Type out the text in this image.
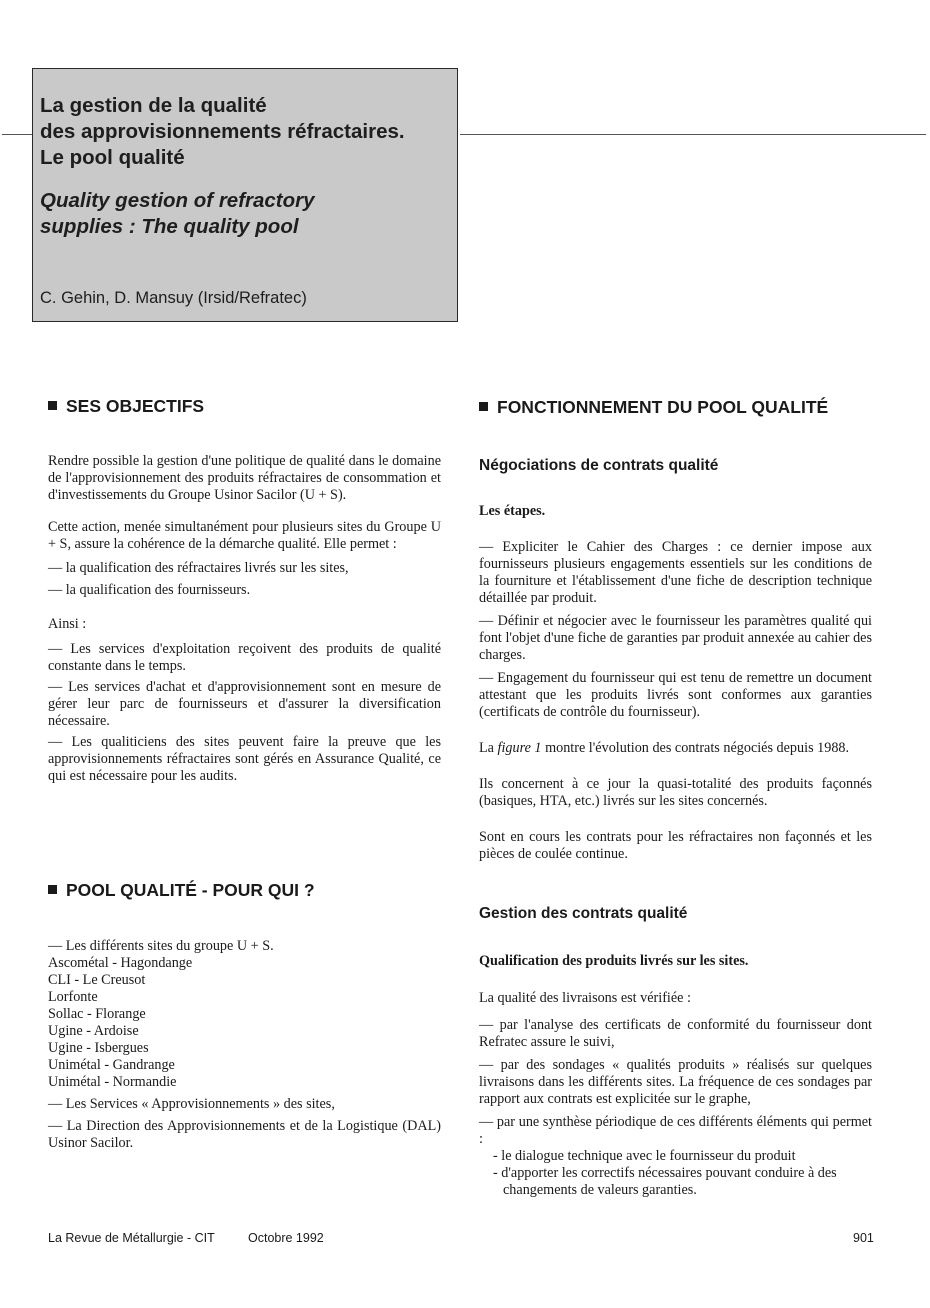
La gestion de la qualité
des approvisionnements réfractaires.
Le pool qualité
Quality gestion of refractory
supplies : The quality pool

C. Gehin, D. Mansuy (Irsid/Refratec)

SES OBJECTIFS

Rendre possible la gestion d'une politique de qualité dans le domaine de l'approvisionnement des produits réfractaires de consommation et d'investissements du Groupe Usinor Sacilor (U + S).

Cette action, menée simultanément pour plusieurs sites du Groupe U + S, assure la cohérence de la démarche qualité. Elle permet :

— la qualification des réfractaires livrés sur les sites,

— la qualification des fournisseurs.

Ainsi :

— Les services d'exploitation reçoivent des produits de qualité constante dans le temps.

— Les services d'achat et d'approvisionnement sont en mesure de gérer leur parc de fournisseurs et d'assurer la diversification nécessaire.

— Les qualiticiens des sites peuvent faire la preuve que les approvisionnements réfractaires sont gérés en Assurance Qualité, ce qui est nécessaire pour les audits.

POOL QUALITÉ - POUR QUI ?

— Les différents sites du groupe U + S.

Ascométal - Hagondange

CLI - Le Creusot

Lorfonte

Sollac - Florange

Ugine - Ardoise

Ugine - Isbergues

Unimétal - Gandrange

Unimétal - Normandie

— Les Services « Approvisionnements » des sites,

— La Direction des Approvisionnements et de la Logistique (DAL) Usinor Sacilor.

FONCTIONNEMENT DU POOL QUALITÉ
Négociations de contrats qualité

Les étapes.

— Expliciter le Cahier des Charges : ce dernier impose aux fournisseurs plusieurs engagements essentiels sur les conditions de la fourniture et l'établissement d'une fiche de description technique détaillée par produit.

— Définir et négocier avec le fournisseur les paramètres qualité qui font l'objet d'une fiche de garanties par produit annexée au cahier des charges.

— Engagement du fournisseur qui est tenu de remettre un document attestant que les produits livrés sont conformes aux garanties (certificats de contrôle du fournisseur).

La figure 1 montre l'évolution des contrats négociés depuis 1988.

Ils concernent à ce jour la quasi-totalité des produits façonnés (basiques, HTA, etc.) livrés sur les sites concernés.

Sont en cours les contrats pour les réfractaires non façonnés et les pièces de coulée continue.

Gestion des contrats qualité

Qualification des produits livrés sur les sites.

La qualité des livraisons est vérifiée :

— par l'analyse des certificats de conformité du fournisseur dont Refratec assure le suivi,

— par des sondages « qualités produits » réalisés sur quelques livraisons dans les différents sites. La fréquence de ces sondages par rapport aux contrats est explicitée sur le graphe,

— par une synthèse périodique de ces différents éléments qui permet :

- le dialogue technique avec le fournisseur du produit

- d'apporter les correctifs nécessaires pouvant conduire à des changements de valeurs garanties.

La Revue de Métallurgie - CIT	Octobre 1992	901
